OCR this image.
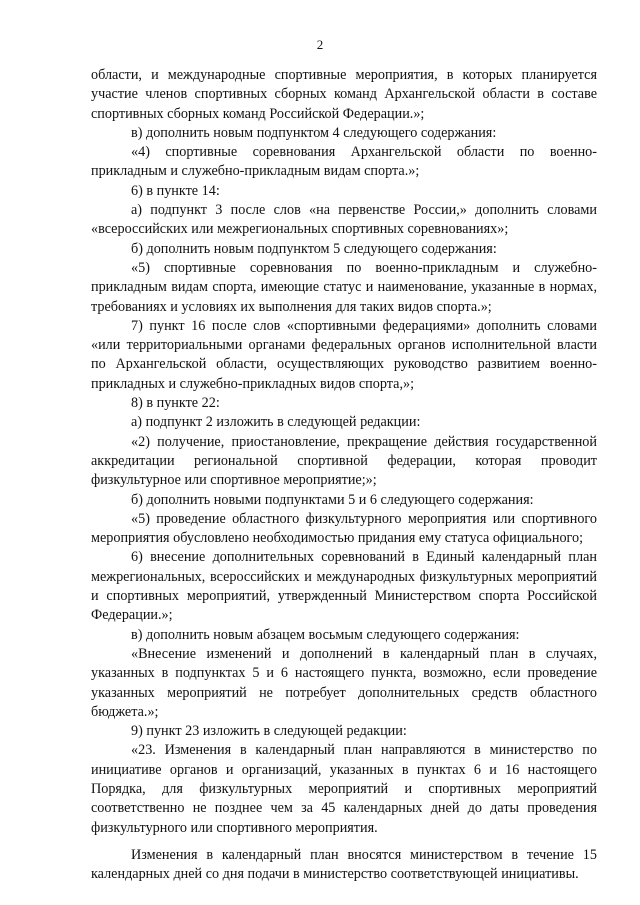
2

области, и международные спортивные мероприятия, в которых планируется участие членов спортивных сборных команд Архангельской области в составе спортивных сборных команд Российской Федерации.»;

в) дополнить новым подпунктом 4 следующего содержания:

«4) спортивные соревнования Архангельской области по военно-прикладным и служебно-прикладным видам спорта.»;

6) в пункте 14:

а) подпункт 3 после слов «на первенстве России,» дополнить словами «всероссийских или межрегиональных спортивных соревнованиях»;

б) дополнить новым подпунктом 5 следующего содержания:

«5) спортивные соревнования по военно-прикладным и служебно-прикладным видам спорта, имеющие статус и наименование, указанные в нормах, требованиях и условиях их выполнения для таких видов спорта.»;

7) пункт 16 после слов «спортивными федерациями» дополнить словами «или территориальными органами федеральных органов исполнительной власти по Архангельской области, осуществляющих руководство развитием военно-прикладных и служебно-прикладных видов спорта,»;

8) в пункте 22:

а) подпункт 2 изложить в следующей редакции:

«2) получение, приостановление, прекращение действия государственной аккредитации региональной спортивной федерации, которая проводит физкультурное или спортивное мероприятие;»;

б) дополнить новыми подпунктами 5 и 6 следующего содержания:

«5) проведение областного физкультурного мероприятия или спортивного мероприятия обусловлено необходимостью придания ему статуса официального;

6) внесение дополнительных соревнований в Единый календарный план межрегиональных, всероссийских и международных физкультурных мероприятий и спортивных мероприятий, утвержденный Министерством спорта Российской Федерации.»;

в) дополнить новым абзацем восьмым следующего содержания:

«Внесение изменений и дополнений в календарный план в случаях, указанных в подпунктах 5 и 6 настоящего пункта, возможно, если проведение указанных мероприятий не потребует дополнительных средств областного бюджета.»;

9) пункт 23 изложить в следующей редакции:

«23. Изменения в календарный план направляются в министерство по инициативе органов и организаций, указанных в пунктах 6 и 16 настоящего Порядка, для физкультурных мероприятий и спортивных мероприятий соответственно не позднее чем за 45 календарных дней до даты проведения физкультурного или спортивного мероприятия.

Изменения в календарный план вносятся министерством в течение 15 календарных дней со дня подачи в министерство соответствующей инициативы.
